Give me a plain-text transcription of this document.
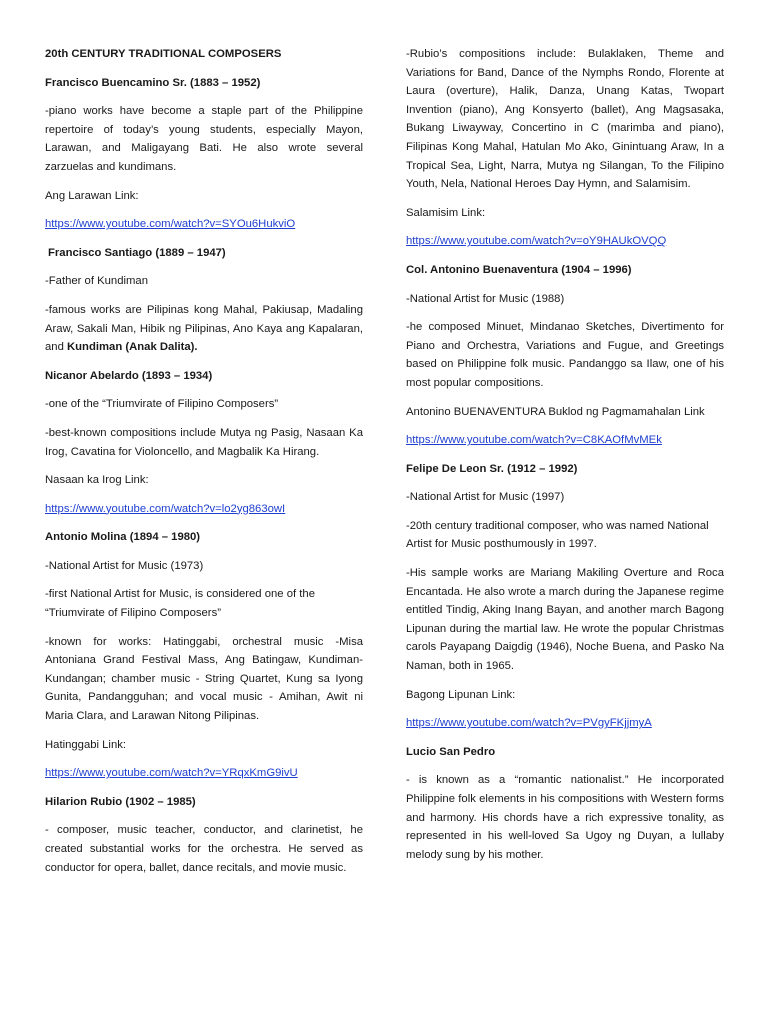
20th CENTURY TRADITIONAL COMPOSERS

Francisco Buencamino Sr. (1883 – 1952)

-piano works have become a staple part of the Philippine repertoire of today’s young students, especially Mayon, Larawan, and Maligayang Bati. He also wrote several zarzuelas and kundimans.

Ang Larawan Link:

https://www.youtube.com/watch?v=SYOu6HukviO

Francisco Santiago (1889 – 1947)

-Father of Kundiman

-famous works are Pilipinas kong Mahal, Pakiusap, Madaling Araw, Sakali Man, Hibik ng Pilipinas, Ano Kaya ang Kapalaran, and Kundiman (Anak Dalita).

Nicanor Abelardo (1893 – 1934)

-one of the “Triumvirate of Filipino Composers”

-best-known compositions include Mutya ng Pasig, Nasaan Ka Irog, Cavatina for Violoncello, and Magbalik Ka Hirang.

Nasaan ka Irog Link:

https://www.youtube.com/watch?v=lo2yg863owI

Antonio Molina (1894 – 1980)

-National Artist for Music (1973)

-first National Artist for Music, is considered one of the “Triumvirate of Filipino Composers”

-known for works: Hatinggabi, orchestral music -Misa Antoniana Grand Festival Mass, Ang Batingaw, Kundiman-Kundangan; chamber music - String Quartet, Kung sa Iyong Gunita, Pandangguhan; and vocal music - Amihan, Awit ni Maria Clara, and Larawan Nitong Pilipinas.

Hatinggabi Link:

https://www.youtube.com/watch?v=YRqxKmG9ivU

Hilarion Rubio (1902 – 1985)

- composer, music teacher, conductor, and clarinetist, he created substantial works for the orchestra. He served as conductor for opera, ballet, dance recitals, and movie music.

-Rubio’s compositions include: Bulaklaken, Theme and Variations for Band, Dance of the Nymphs Rondo, Florente at Laura (overture), Halik, Danza, Unang Katas, Twopart Invention (piano), Ang Konsyerto (ballet), Ang Magsasaka, Bukang Liwayway, Concertino in C (marimba and piano), Filipinas Kong Mahal, Hatulan Mo Ako, Ginintuang Araw, In a Tropical Sea, Light, Narra, Mutya ng Silangan, To the Filipino Youth, Nela, National Heroes Day Hymn, and Salamisim.

Salamisim Link:

https://www.youtube.com/watch?v=oY9HAUkOVQQ

Col. Antonino Buenaventura (1904 – 1996)

-National Artist for Music (1988)

-he composed Minuet, Mindanao Sketches, Divertimento for Piano and Orchestra, Variations and Fugue, and Greetings based on Philippine folk music. Pandanggo sa Ilaw, one of his most popular compositions.

Antonino BUENAVENTURA Buklod ng Pagmamahalan Link

https://www.youtube.com/watch?v=C8KAOfMvMEk

Felipe De Leon Sr. (1912 – 1992)

-National Artist for Music (1997)

-20th century traditional composer, who was named National Artist for Music posthumously in 1997.

-His sample works are Mariang Makiling Overture and Roca Encantada. He also wrote a march during the Japanese regime entitled Tindig, Aking Inang Bayan, and another march Bagong Lipunan during the martial law. He wrote the popular Christmas carols Payapang Daigdig (1946), Noche Buena, and Pasko Na Naman, both in 1965.

Bagong Lipunan Link:

https://www.youtube.com/watch?v=PVgyFKjjmyA

Lucio San Pedro

- is known as a “romantic nationalist.” He incorporated Philippine folk elements in his compositions with Western forms and harmony. His chords have a rich expressive tonality, as represented in his well-loved Sa Ugoy ng Duyan, a lullaby melody sung by his mother.
